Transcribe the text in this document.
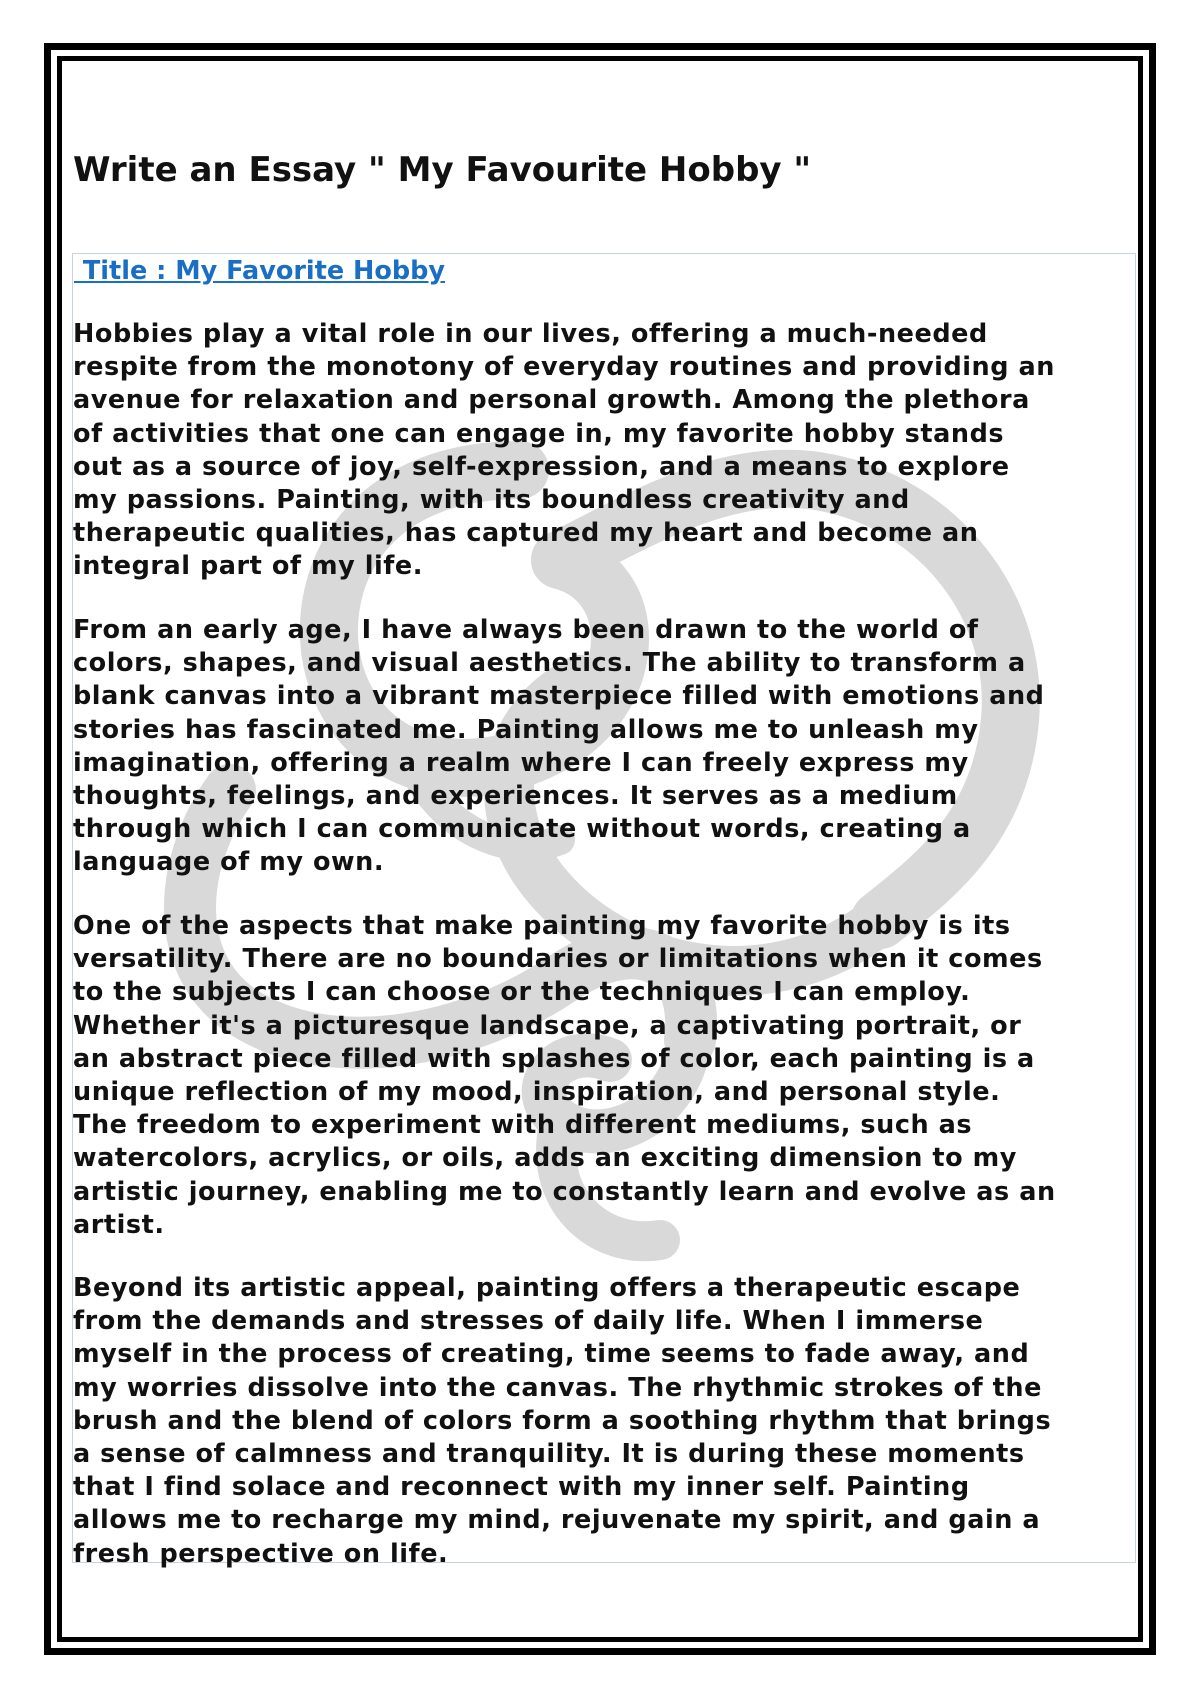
Write an Essay " My Favourite Hobby "
Title : My Favorite Hobby
Hobbies play a vital role in our lives, offering a much-needed
respite from the monotony of everyday routines and providing an
avenue for relaxation and personal growth. Among the plethora
of activities that one can engage in, my favorite hobby stands
out as a source of joy, self-expression, and a means to explore
my passions. Painting, with its boundless creativity and
therapeutic qualities, has captured my heart and become an
integral part of my life.
From an early age, I have always been drawn to the world of
colors, shapes, and visual aesthetics. The ability to transform a
blank canvas into a vibrant masterpiece filled with emotions and
stories has fascinated me. Painting allows me to unleash my
imagination, offering a realm where I can freely express my
thoughts, feelings, and experiences. It serves as a medium
through which I can communicate without words, creating a
language of my own.
One of the aspects that make painting my favorite hobby is its
versatility. There are no boundaries or limitations when it comes
to the subjects I can choose or the techniques I can employ.
Whether it's a picturesque landscape, a captivating portrait, or
an abstract piece filled with splashes of color, each painting is a
unique reflection of my mood, inspiration, and personal style.
The freedom to experiment with different mediums, such as
watercolors, acrylics, or oils, adds an exciting dimension to my
artistic journey, enabling me to constantly learn and evolve as an
artist.
Beyond its artistic appeal, painting offers a therapeutic escape
from the demands and stresses of daily life. When I immerse
myself in the process of creating, time seems to fade away, and
my worries dissolve into the canvas. The rhythmic strokes of the
brush and the blend of colors form a soothing rhythm that brings
a sense of calmness and tranquility. It is during these moments
that I find solace and reconnect with my inner self. Painting
allows me to recharge my mind, rejuvenate my spirit, and gain a
fresh perspective on life.
